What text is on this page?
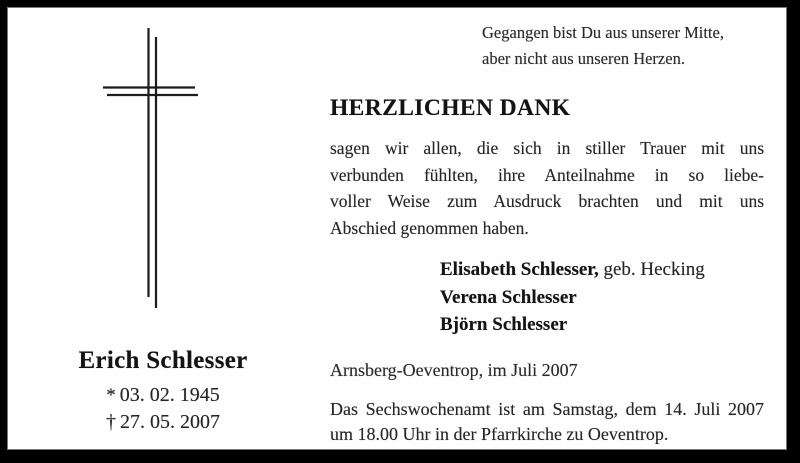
Erich Schlesser
* 03. 02. 1945
† 27. 05. 2007
Gegangen bist Du aus unserer Mitte,
aber nicht aus unseren Herzen.
HERZLICHEN DANK
sagen wir allen, die sich in stiller Trauer mit uns
verbunden fühlten, ihre Anteilnahme in so liebe-
voller Weise zum Ausdruck brachten und mit uns
Abschied genommen haben.
Elisabeth Schlesser, geb. Hecking
Verena Schlesser
Björn Schlesser
Arnsberg-Oeventrop, im Juli 2007
Das Sechswochenamt ist am Samstag, dem 14. Juli 2007
um 18.00 Uhr in der Pfarrkirche zu Oeventrop.
